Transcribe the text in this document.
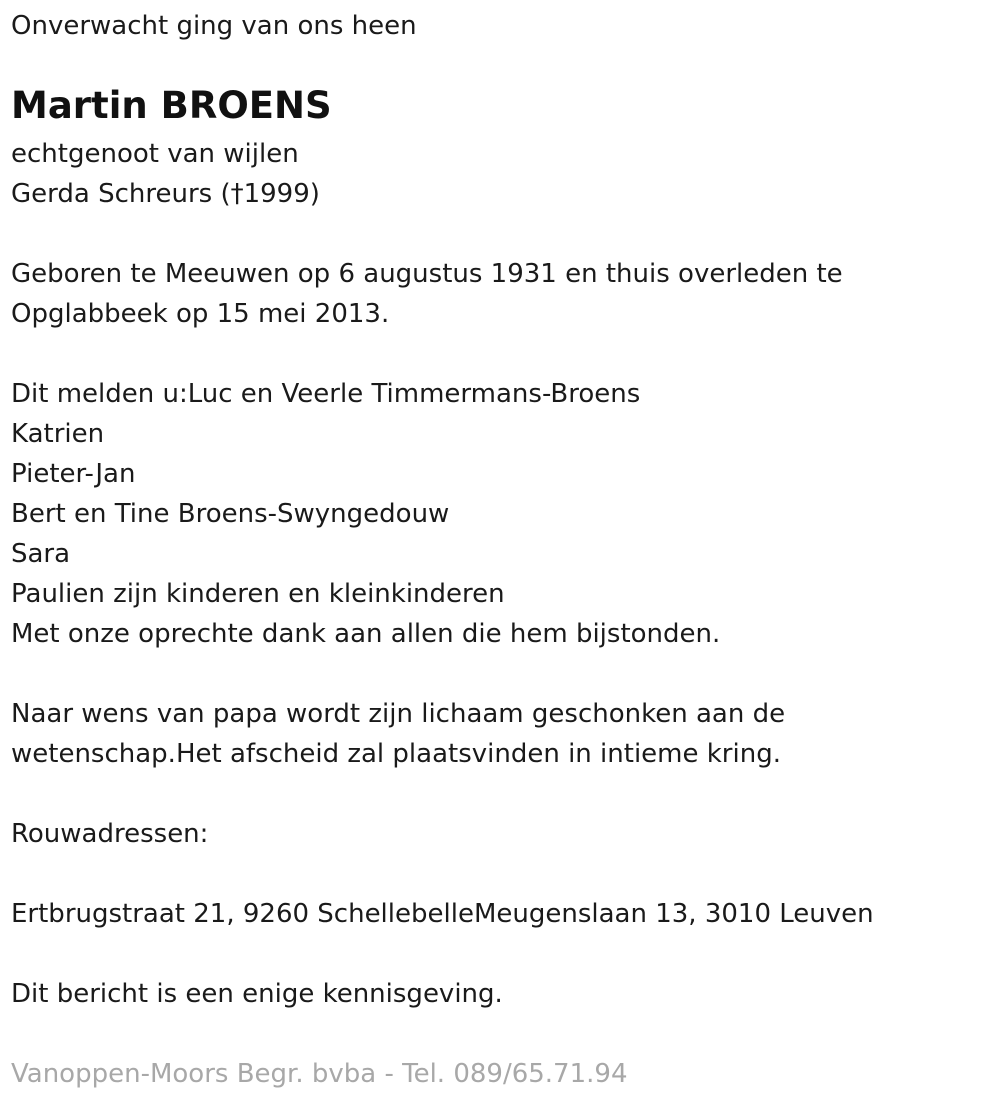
Onverwacht ging van ons heen
Martin BROENS
echtgenoot van wijlen
Gerda Schreurs (†1999)
Geboren te Meeuwen op 6 augustus 1931 en thuis overleden te
Opglabbeek op 15 mei 2013.
Dit melden u:Luc en Veerle Timmermans-Broens
Katrien
Pieter-Jan
Bert en Tine Broens-Swyngedouw
Sara
Paulien zijn kinderen en kleinkinderen
Met onze oprechte dank aan allen die hem bijstonden.
Naar wens van papa wordt zijn lichaam geschonken aan de
wetenschap.Het afscheid zal plaatsvinden in intieme kring.
Rouwadressen:
Ertbrugstraat 21, 9260 SchellebelleMeugenslaan 13, 3010 Leuven
Dit bericht is een enige kennisgeving.
Vanoppen-Moors Begr. bvba - Tel. 089/65.71.94
